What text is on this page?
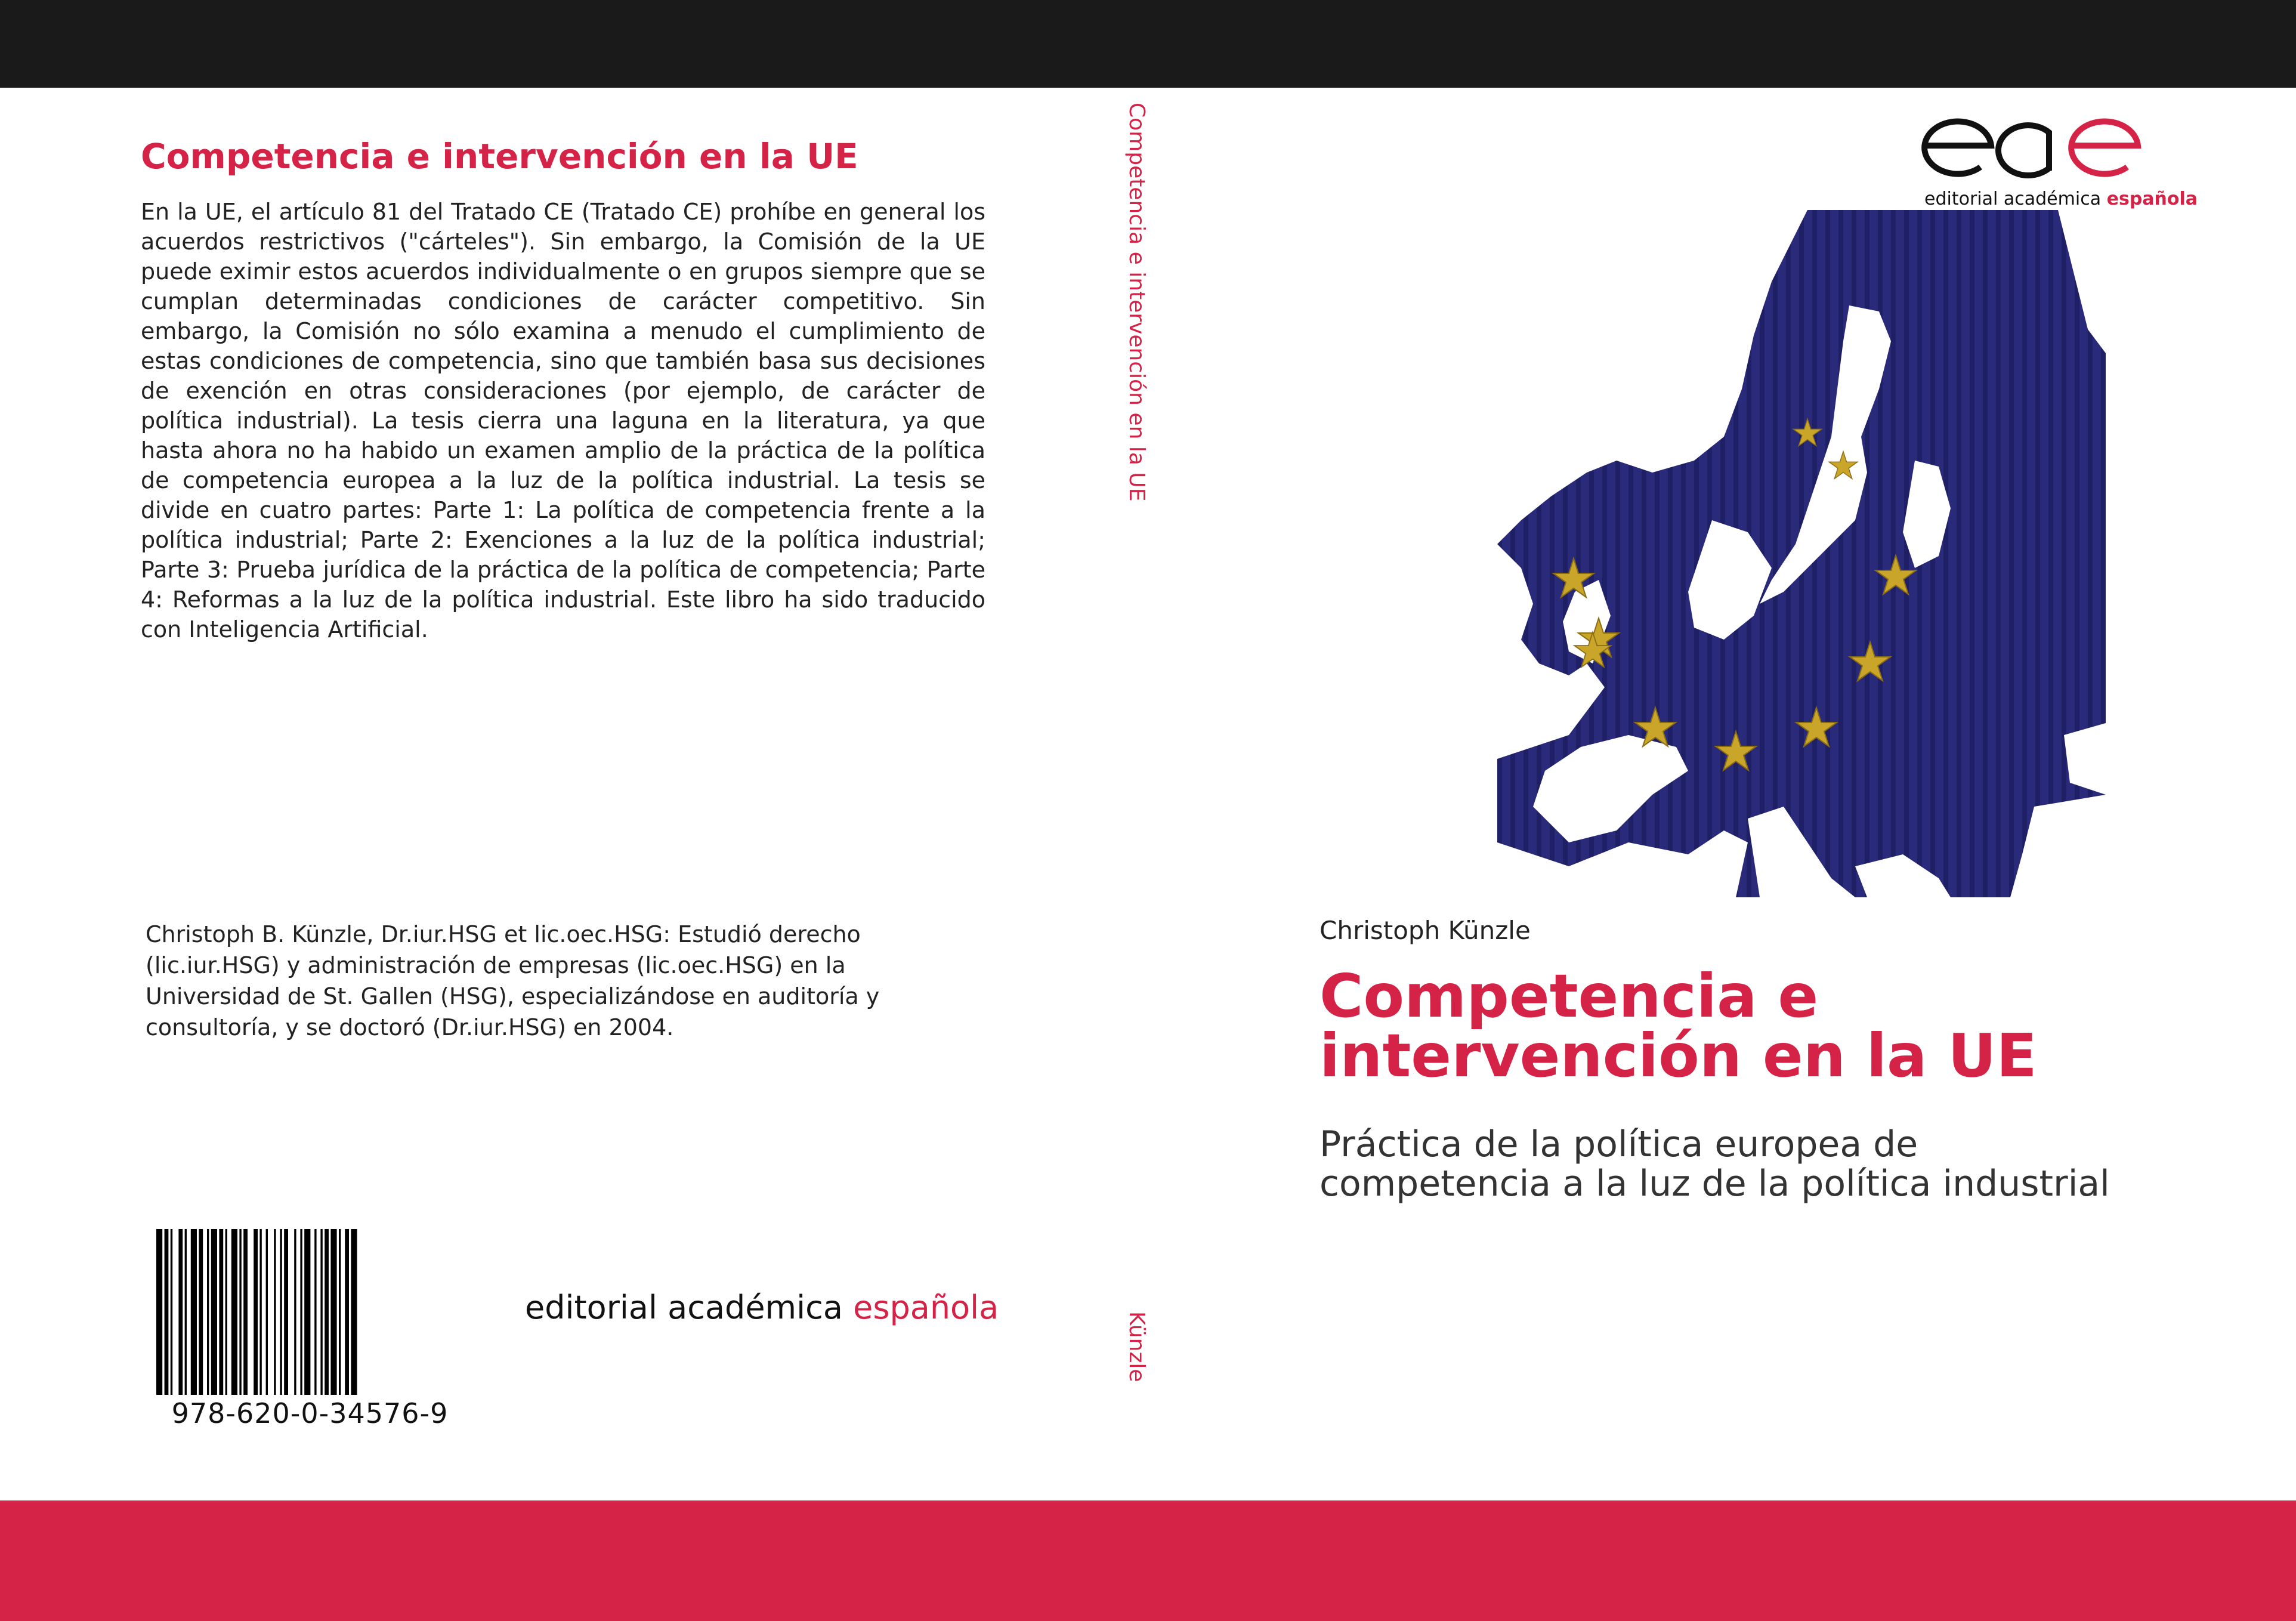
Competencia e intervención en la UE
En la UE, el artículo 81 del Tratado CE (Tratado CE) prohíbe en general los acuerdos restrictivos ("cárteles"). Sin embargo, la Comisión de la UE puede eximir estos acuerdos individualmente o en grupos siempre que se cumplan determinadas condiciones de carácter competitivo. Sin embargo, la Comisión no sólo examina a menudo el cumplimiento de estas condiciones de competencia, sino que también basa sus decisiones de exención en otras consideraciones (por ejemplo, de carácter de política industrial). La tesis cierra una laguna en la literatura, ya que hasta ahora no ha habido un examen amplio de la práctica de la política de competencia europea a la luz de la política industrial. La tesis se divide en cuatro partes: Parte 1: La política de competencia frente a la política industrial; Parte 2: Exenciones a la luz de la política industrial; Parte 3: Prueba jurídica de la práctica de la política de competencia; Parte 4: Reformas a la luz de la política industrial. Este libro ha sido traducido con Inteligencia Artificial.
Christoph B. Künzle, Dr.iur.HSG et lic.oec.HSG: Estudió derecho (lic.iur.HSG) y administración de empresas (lic.oec.HSG) en la Universidad de St. Gallen (HSG), especializándose en auditoría y consultoría, y se doctoró (Dr.iur.HSG) en 2004.
978-620-0-34576-9
editorial académica española
Competencia e intervención en la UE
Künzle
editorial académica española
Christoph Künzle
Competencia e intervención en la UE
Práctica de la política europea de competencia a la luz de la política industrial
